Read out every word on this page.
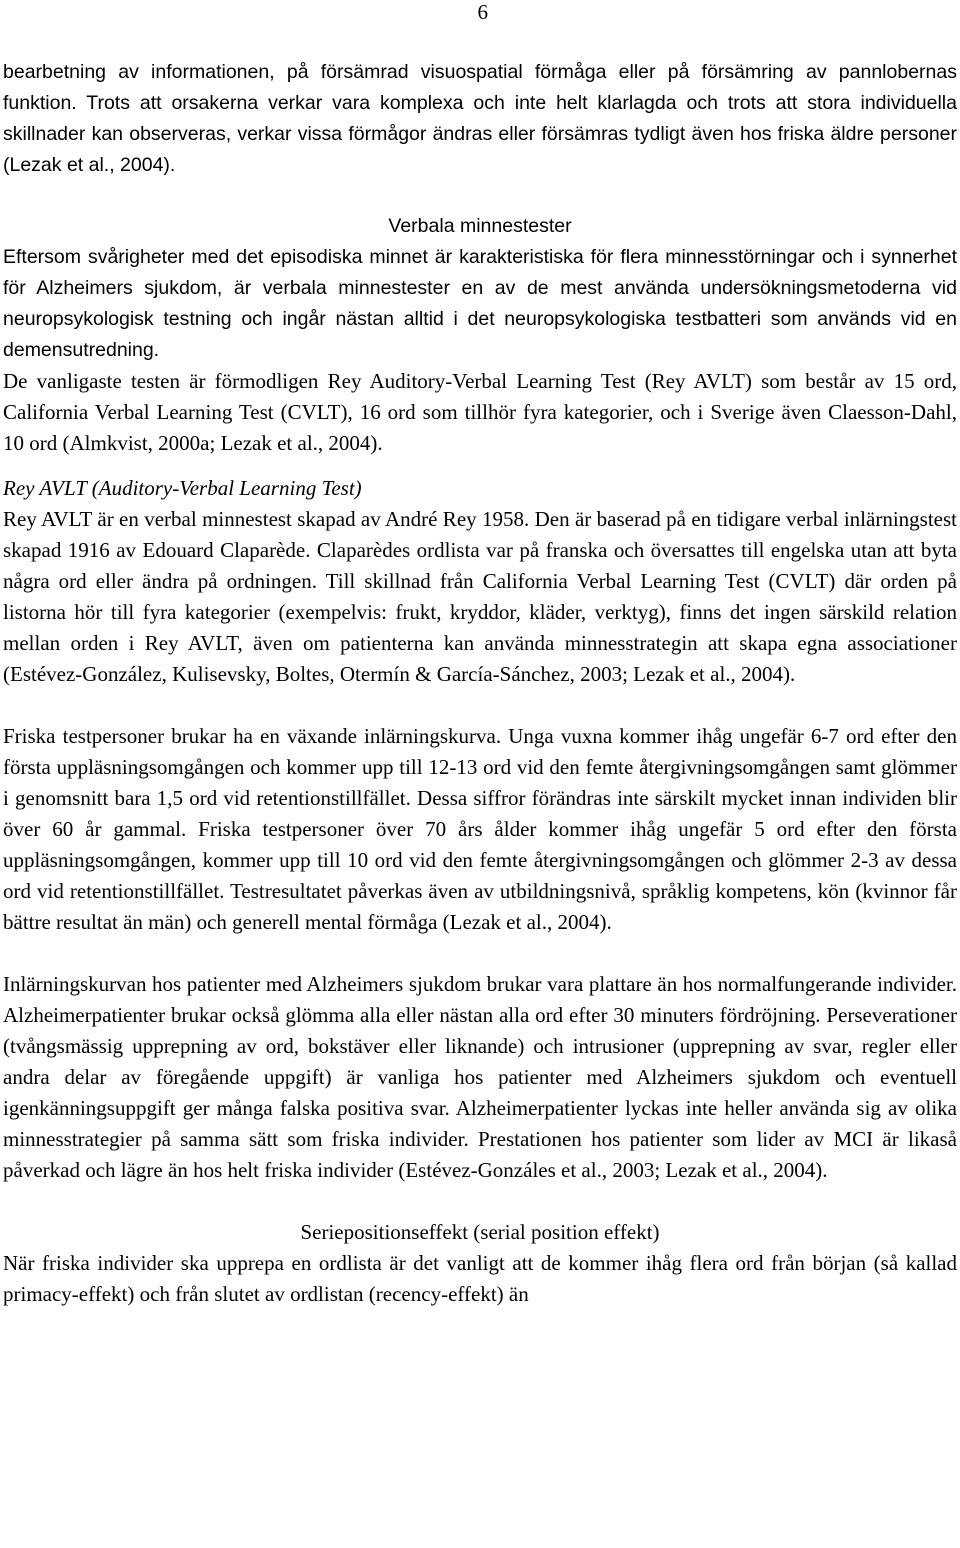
6

bearbetning av informationen, på försämrad visuospatial förmåga eller på försämring av pannlobernas funktion. Trots att orsakerna verkar vara komplexa och inte helt klarlagda och trots att stora individuella skillnader kan observeras, verkar vissa förmågor ändras eller försämras tydligt även hos friska äldre personer (Lezak et al., 2004).

Verbala minnestester

Eftersom svårigheter med det episodiska minnet är karakteristiska för flera minnesstörningar och i synnerhet för Alzheimers sjukdom, är verbala minnestester en av de mest använda undersökningsmetoderna vid neuropsykologisk testning och ingår nästan alltid i det neuropsykologiska testbatteri som används vid en demensutredning.

De vanligaste testen är förmodligen Rey Auditory-Verbal Learning Test (Rey AVLT) som består av 15 ord, California Verbal Learning Test (CVLT), 16 ord som tillhör fyra kategorier, och i Sverige även Claesson-Dahl, 10 ord (Almkvist, 2000a; Lezak et al., 2004).

Rey AVLT (Auditory-Verbal Learning Test)

Rey AVLT är en verbal minnestest skapad av André Rey 1958. Den är baserad på en tidigare verbal inlärningstest skapad 1916 av Edouard Claparède. Claparèdes ordlista var på franska och översattes till engelska utan att byta några ord eller ändra på ordningen. Till skillnad från California Verbal Learning Test (CVLT) där orden på listorna hör till fyra kategorier (exempelvis: frukt, kryddor, kläder, verktyg), finns det ingen särskild relation mellan orden i Rey AVLT, även om patienterna kan använda minnesstrategin att skapa egna associationer (Estévez-González, Kulisevsky, Boltes, Otermín & García-Sánchez, 2003; Lezak et al., 2004).

Friska testpersoner brukar ha en växande inlärningskurva. Unga vuxna kommer ihåg ungefär 6-7 ord efter den första uppläsningsomgången och kommer upp till 12-13 ord vid den femte återgivningsomgången samt glömmer i genomsnitt bara 1,5 ord vid retentionstillfället. Dessa siffror förändras inte särskilt mycket innan individen blir över 60 år gammal. Friska testpersoner över 70 års ålder kommer ihåg ungefär 5 ord efter den första uppläsningsomgången, kommer upp till 10 ord vid den femte återgivningsomgången och glömmer 2-3 av dessa ord vid retentionstillfället. Testresultatet påverkas även av utbildningsnivå, språklig kompetens, kön (kvinnor får bättre resultat än män) och generell mental förmåga (Lezak et al., 2004).

Inlärningskurvan hos patienter med Alzheimers sjukdom brukar vara plattare än hos normalfungerande individer. Alzheimerpatienter brukar också glömma alla eller nästan alla ord efter 30 minuters fördröjning. Perseverationer (tvångsmässig upprepning av ord, bokstäver eller liknande) och intrusioner (upprepning av svar, regler eller andra delar av föregående uppgift) är vanliga hos patienter med Alzheimers sjukdom och eventuell igenkänningsuppgift ger många falska positiva svar. Alzheimerpatienter lyckas inte heller använda sig av olika minnesstrategier på samma sätt som friska individer. Prestationen hos patienter som lider av MCI är likaså påverkad och lägre än hos helt friska individer (Estévez-Gonzáles et al., 2003; Lezak et al., 2004).

Seriepositionseffekt (serial position effekt)

När friska individer ska upprepa en ordlista är det vanligt att de kommer ihåg flera ord från början (så kallad primacy-effekt) och från slutet av ordlistan (recency-effekt) än
